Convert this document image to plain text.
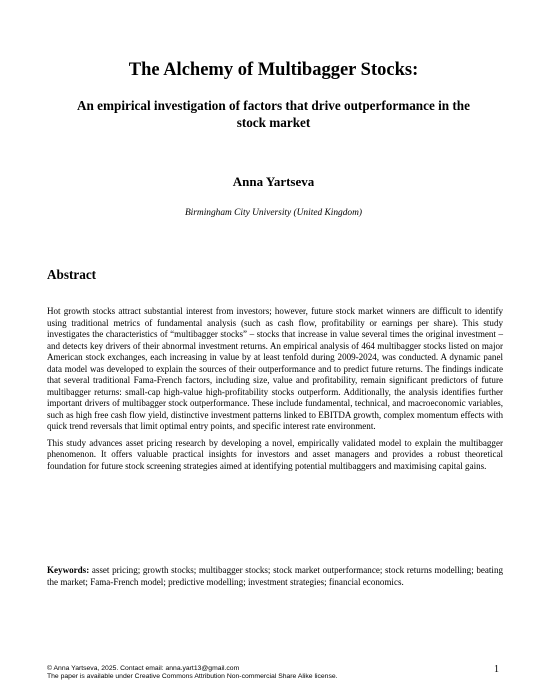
The Alchemy of Multibagger Stocks:
An empirical investigation of factors that drive outperformance in the stock market
Anna Yartseva
Birmingham City University (United Kingdom)
Abstract

Hot growth stocks attract substantial interest from investors; however, future stock market winners are difficult to identify using traditional metrics of fundamental analysis (such as cash flow, profitability or earnings per share). This study investigates the characteristics of “multibagger stocks” – stocks that increase in value several times the original investment – and detects key drivers of their abnormal investment returns. An empirical analysis of 464 multibagger stocks listed on major American stock exchanges, each increasing in value by at least tenfold during 2009-2024, was conducted. A dynamic panel data model was developed to explain the sources of their outperformance and to predict future returns. The findings indicate that several traditional Fama-French factors, including size, value and profitability, remain significant predictors of future multibagger returns: small-cap high-value high-profitability stocks outperform. Additionally, the analysis identifies further important drivers of multibagger stock outperformance. These include fundamental, technical, and macroeconomic variables, such as high free cash flow yield, distinctive investment patterns linked to EBITDA growth, complex momentum effects with quick trend reversals that limit optimal entry points, and specific interest rate environment.

This study advances asset pricing research by developing a novel, empirically validated model to explain the multibagger phenomenon. It offers valuable practical insights for investors and asset managers and provides a robust theoretical foundation for future stock screening strategies aimed at identifying potential multibaggers and maximising capital gains.

Keywords: asset pricing; growth stocks; multibagger stocks; stock market outperformance; stock returns modelling; beating the market; Fama-French model; predictive modelling; investment strategies; financial economics.
© Anna Yartseva, 2025. Contact email: anna.yart13@gmail.com
The paper is available under Creative Commons Attribution Non-commercial Share Alike license.
1
